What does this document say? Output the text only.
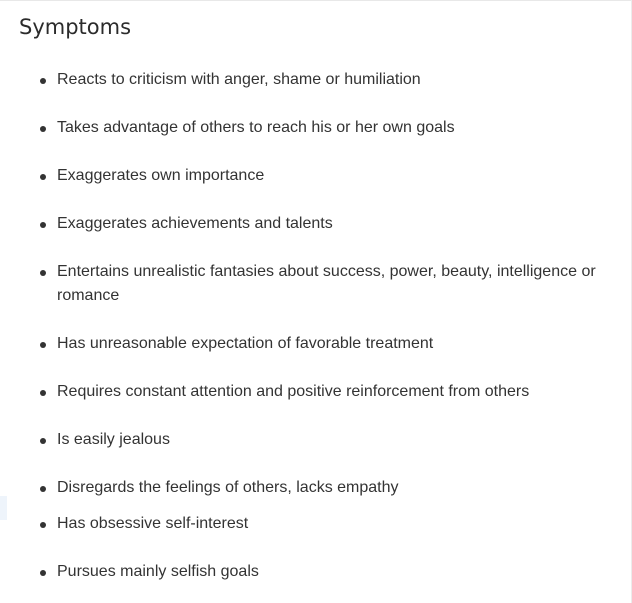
Symptoms
Reacts to criticism with anger, shame or humiliation
Takes advantage of others to reach his or her own goals
Exaggerates own importance
Exaggerates achievements and talents
Entertains unrealistic fantasies about success, power, beauty, intelligence or romance
Has unreasonable expectation of favorable treatment
Requires constant attention and positive reinforcement from others
Is easily jealous
Disregards the feelings of others, lacks empathy
Has obsessive self-interest
Pursues mainly selfish goals
